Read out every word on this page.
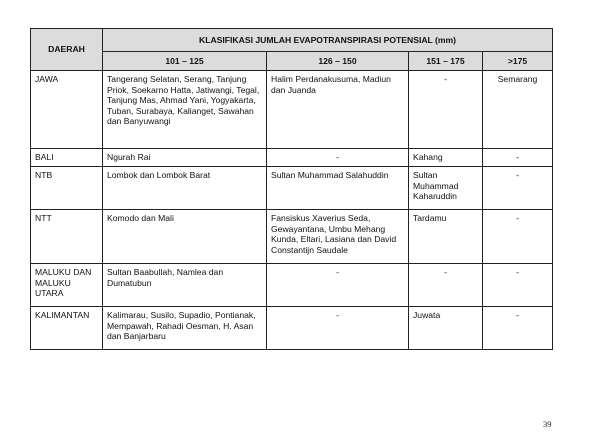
DAERAH	KLASIFIKASI JUMLAH EVAPOTRANSPIRASI POTENSIAL (mm)			
	101 – 125	126 – 150	151 – 175	>175
JAWA	Tangerang Selatan, Serang, Tanjung Priok, Soekarno Hatta, Jatiwangi, Tegal, Tanjung Mas, Ahmad Yani, Yogyakarta, Tuban, Surabaya, Kalianget, Sawahan dan Banyuwangi	Halim Perdanakusuma, Madiun dan Juanda	-	Semarang
BALI	Ngurah Rai	-	Kahang	-
NTB	Lombok dan Lombok Barat	Sultan Muhammad Salahuddin	Sultan Muhammad Kaharuddin	-
NTT	Komodo dan Mali	Fansiskus Xaverius Seda, Gewayantana, Umbu Mehang Kunda, Eltari, Lasiana dan David Constantijn Saudale	Tardamu	-
MALUKU DAN MALUKU UTARA	Sultan Baabullah, Namlea dan Dumatubun	-	-	-
KALIMANTAN	Kalimarau, Susilo, Supadio, Pontianak, Mempawah, Rahadi Oesman, H. Asan dan Banjarbaru	-	Juwata	-
39
